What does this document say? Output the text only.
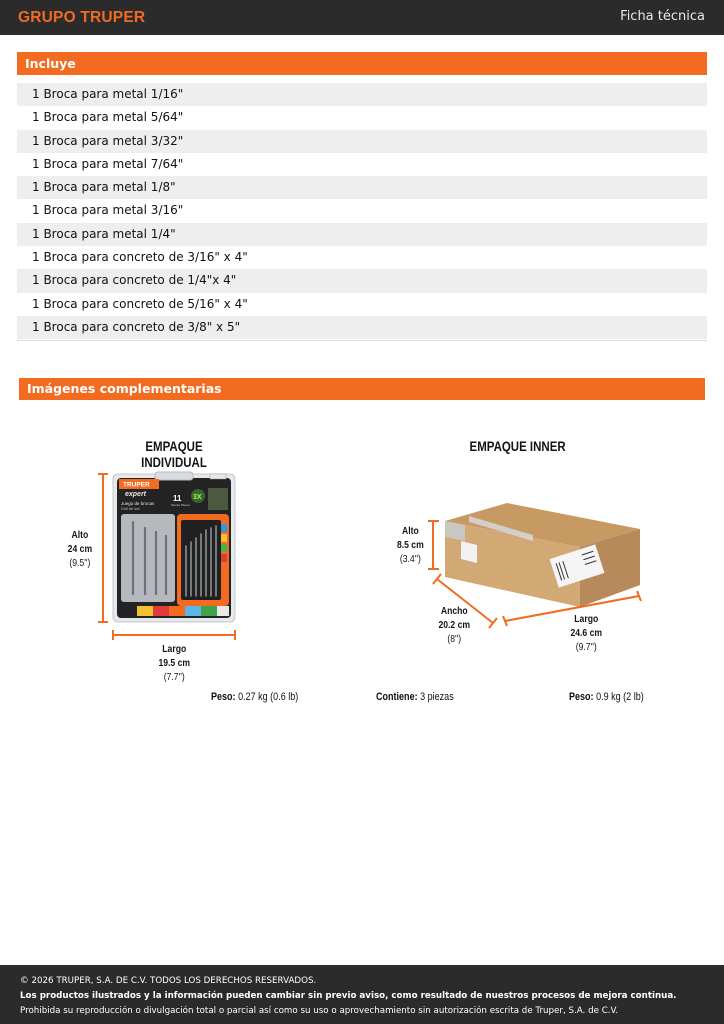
GRUPO TRUPER	Ficha técnica
Incluye
1 Broca para metal 1/16"
1 Broca para metal 5/64"
1 Broca para metal 3/32"
1 Broca para metal 7/64"
1 Broca para metal 1/8"
1 Broca para metal 3/16"
1 Broca para metal 1/4"
1 Broca para concreto de 3/16" x 4"
1 Broca para concreto de 1/4"x 4"
1 Broca para concreto de 5/16" x 4"
1 Broca para concreto de 3/8" x 5"
Imágenes complementarias
EMPAQUE INDIVIDUAL
TRUPER
expert
Juego de brocas
Drill bit set
11
Piezas Pieces
3X
Alto
24 cm
(9.5'')
Largo
19.5 cm
(7.7'')
Peso: 0.27 kg (0.6 lb)
EMPAQUE INNER
Alto
8.5 cm
(3.4'')
Ancho
20.2 cm
(8'')
Largo
24.6 cm
(9.7'')
Contiene: 3 piezas	Peso: 0.9 kg (2 lb)
© 2026 TRUPER, S.A. DE C.V. TODOS LOS DERECHOS RESERVADOS.
Los productos ilustrados y la información pueden cambiar sin previo aviso, como resultado de nuestros procesos de mejora continua.
Prohibida su reproducción o divulgación total o parcial así como su uso o aprovechamiento sin autorización escrita de Truper, S.A. de C.V.
